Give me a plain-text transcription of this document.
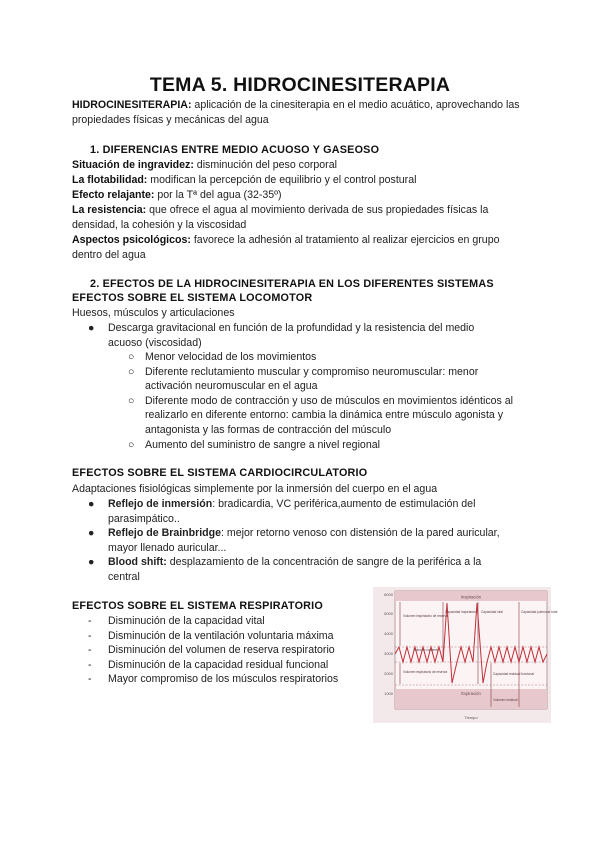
TEMA 5. HIDROCINESITERAPIA
HIDROCINESITERAPIA: aplicación de la cinesiterapia en el medio acuático, aprovechando las propiedades físicas y mecánicas del agua
1. DIFERENCIAS ENTRE MEDIO ACUOSO Y GASEOSO
Situación de ingravidez: disminución del peso corporal
La flotabilidad: modifican la percepción de equilibrio y el control postural
Efecto relajante: por la Tª del agua (32-35º)
La resistencia: que ofrece el agua al movimiento derivada de sus propiedades físicas la densidad, la cohesión y la viscosidad
Aspectos psicológicos: favorece la adhesión al tratamiento al realizar ejercicios en grupo dentro del agua
2. EFECTOS DE LA HIDROCINESITERAPIA EN LOS DIFERENTES SISTEMAS
EFECTOS SOBRE EL SISTEMA LOCOMOTOR
Huesos, músculos y articulaciones
● Descarga gravitacional en función de la profundidad y la resistencia del medio acuoso (viscosidad)
○ Menor velocidad de los movimientos
○ Diferente reclutamiento muscular y compromiso neuromuscular: menor activación neuromuscular en el agua
○ Diferente modo de contracción y uso de músculos en movimientos idénticos al realizarlo en diferente entorno: cambia la dinámica entre músculo agonista y antagonista y las formas de contracción del músculo
○ Aumento del suministro de sangre a nivel regional
EFECTOS SOBRE EL SISTEMA CARDIOCIRCULATORIO
Adaptaciones fisiológicas simplemente por la inmersión del cuerpo en el agua
● Reflejo de inmersión: bradicardia, VC periférica,aumento de estimulación del parasimpático..
● Reflejo de Brainbridge: mejor retorno venoso con distensión de la pared auricular, mayor llenado auricular...
● Blood shift: desplazamiento de la concentración de sangre de la periférica a la central
EFECTOS SOBRE EL SISTEMA RESPIRATORIO
- Disminución de la capacidad vital
- Disminución de la ventilación voluntaria máxima
- Disminución del volumen de reserva respiratorio
- Disminución de la capacidad residual funcional
- Mayor compromiso de los músculos respiratorios
Inspiración
Expiración
6000
5000
4000
3000
2000
1000
Volumen inspiratorio de reserva
Capacidad inspiratoria Capacidad vital	Capacidad pulmonar total
Volumen corriente
Volumen espiratorio de reserva	Capacidad residual funcional
Volumen residual
Tiempo
